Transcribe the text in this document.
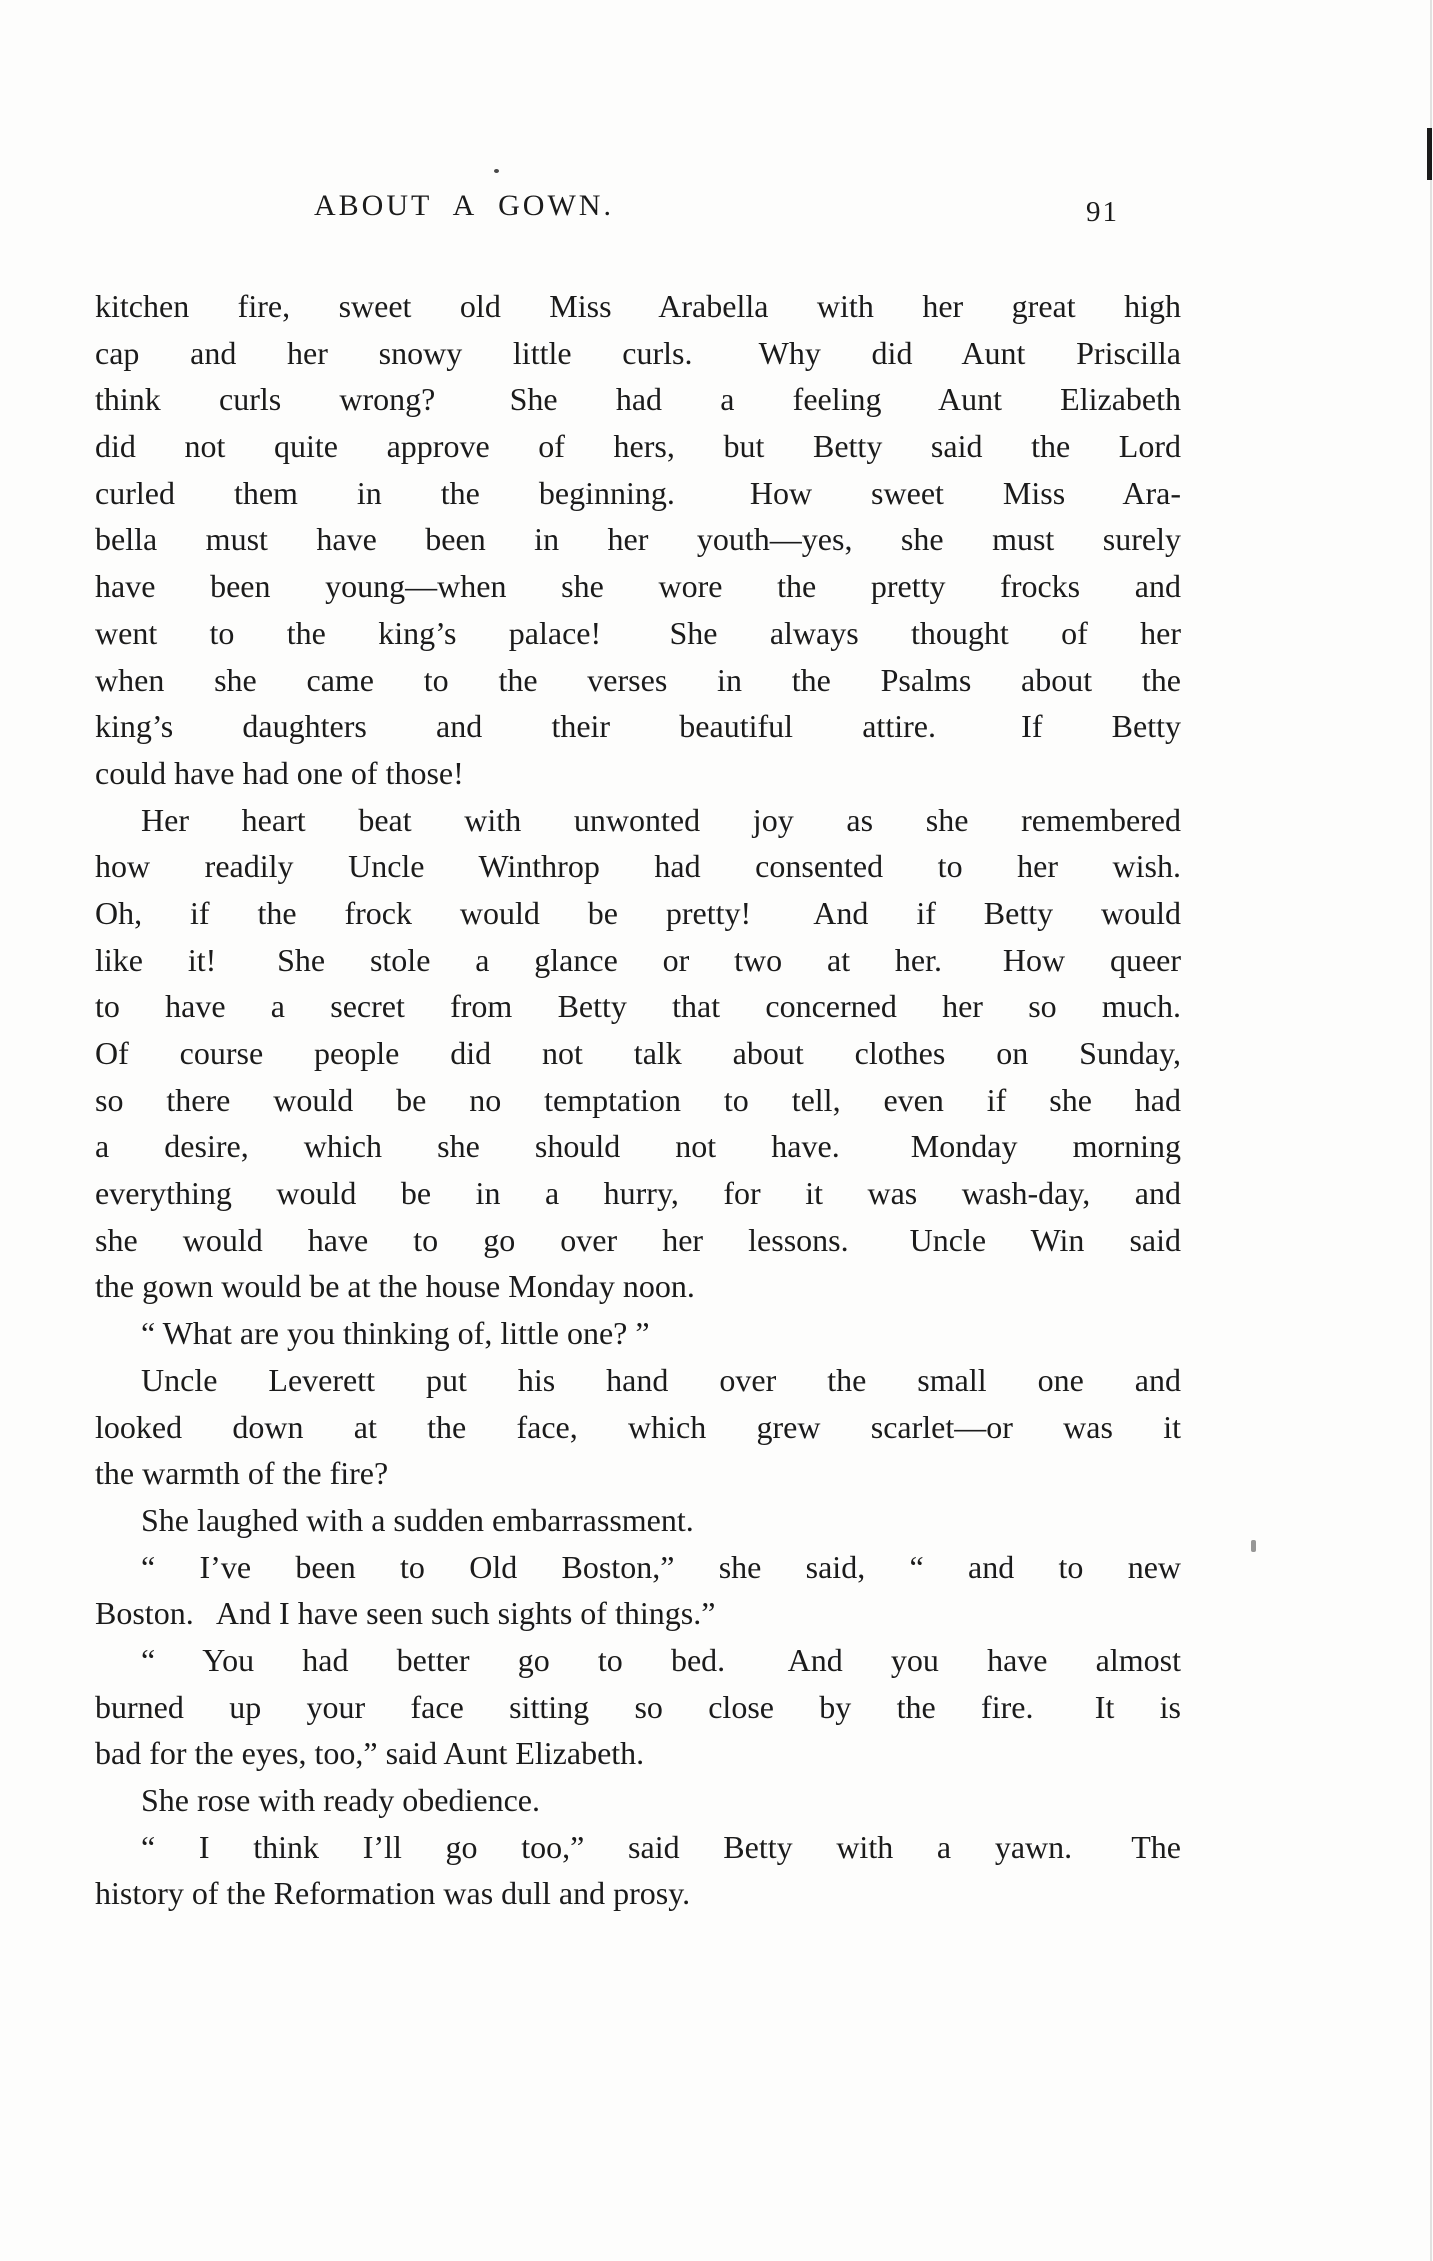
ABOUT A GOWN.	91
kitchen fire, sweet old Miss Arabella with her great high
cap and her snowy little curls.  Why did Aunt Priscilla
think curls wrong?  She had a feeling Aunt Elizabeth
did not quite approve of hers, but Betty said the Lord
curled them in the beginning.  How sweet Miss Ara-
bella must have been in her youth—yes, she must surely
have been young—when she wore the pretty frocks and
went to the king’s palace!  She always thought of her
when she came to the verses in the Psalms about the
king’s daughters and their beautiful attire.  If Betty
could have had one of those!
Her heart beat with unwonted joy as she remembered
how readily Uncle Winthrop had consented to her wish.
Oh, if the frock would be pretty!  And if Betty would
like it!  She stole a glance or two at her.  How queer
to have a secret from Betty that concerned her so much.
Of course people did not talk about clothes on Sunday,
so there would be no temptation to tell, even if she had
a desire, which she should not have.  Monday morning
everything would be in a hurry, for it was wash-day, and
she would have to go over her lessons.  Uncle Win said
the gown would be at the house Monday noon.
“ What are you thinking of, little one? ”
Uncle Leverett put his hand over the small one and
looked down at the face, which grew scarlet—or was it
the warmth of the fire?
She laughed with a sudden embarrassment.
“ I’ve been to Old Boston,” she said, “ and to new
Boston.  And I have seen such sights of things.”
“ You had better go to bed.  And you have almost
burned up your face sitting so close by the fire.  It is
bad for the eyes, too,” said Aunt Elizabeth.
She rose with ready obedience.
“ I think I’ll go too,” said Betty with a yawn.  The
history of the Reformation was dull and prosy.
